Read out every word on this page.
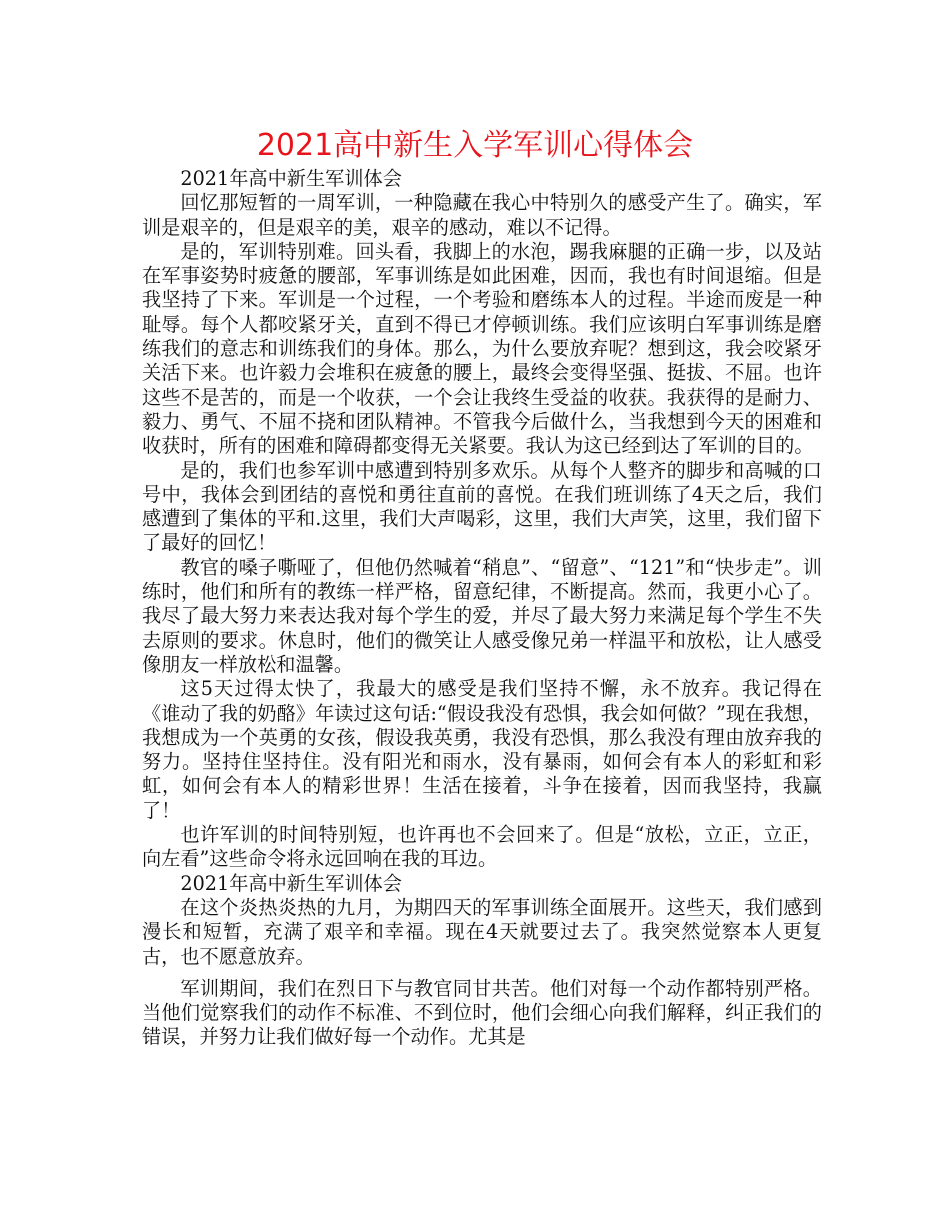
2021高中新生入学军训心得体会

2021年高中新生军训体会

回忆那短暂的一周军训，一种隐藏在我心中特别久的感受产生了。确实，军训是艰辛的，但是艰辛的美，艰辛的感动，难以不记得。

是的，军训特别难。回头看，我脚上的水泡，踢我麻腿的正确一步，以及站在军事姿势时疲惫的腰部，军事训练是如此困难，因而，我也有时间退缩。但是我坚持了下来。军训是一个过程，一个考验和磨练本人的过程。半途而废是一种耻辱。每个人都咬紧牙关，直到不得已才停顿训练。我们应该明白军事训练是磨练我们的意志和训练我们的身体。那么，为什么要放弃呢？想到这，我会咬紧牙关活下来。也许毅力会堆积在疲惫的腰上，最终会变得坚强、挺拔、不屈。也许这些不是苦的，而是一个收获，一个会让我终生受益的收获。我获得的是耐力、毅力、勇气、不屈不挠和团队精神。不管我今后做什么，当我想到今天的困难和收获时，所有的困难和障碍都变得无关紧要。我认为这已经到达了军训的目的。

是的，我们也参军训中感遭到特别多欢乐。从每个人整齐的脚步和高喊的口号中，我体会到团结的喜悦和勇往直前的喜悦。在我们班训练了4天之后，我们感遭到了集体的平和.这里，我们大声喝彩，这里，我们大声笑，这里，我们留下了最好的回忆！

教官的嗓子嘶哑了，但他仍然喊着“稍息”、“留意”、“121”和“快步走”。训练时，他们和所有的教练一样严格，留意纪律，不断提高。然而，我更小心了。我尽了最大努力来表达我对每个学生的爱，并尽了最大努力来满足每个学生不失去原则的要求。休息时，他们的微笑让人感受像兄弟一样温平和放松，让人感受像朋友一样放松和温馨。

这5天过得太快了，我最大的感受是我们坚持不懈，永不放弃。我记得在《谁动了我的奶酪》年读过这句话:“假设我没有恐惧，我会如何做？”现在我想，我想成为一个英勇的女孩，假设我英勇，我没有恐惧，那么我没有理由放弃我的努力。坚持住坚持住。没有阳光和雨水，没有暴雨，如何会有本人的彩虹和彩虹，如何会有本人的精彩世界！生活在接着，斗争在接着，因而我坚持，我赢了！

也许军训的时间特别短，也许再也不会回来了。但是“放松，立正，立正，向左看”这些命令将永远回响在我的耳边。

2021年高中新生军训体会

在这个炎热炎热的九月，为期四天的军事训练全面展开。这些天，我们感到漫长和短暂，充满了艰辛和幸福。现在4天就要过去了。我突然觉察本人更复古，也不愿意放弃。

军训期间，我们在烈日下与教官同甘共苦。他们对每一个动作都特别严格。当他们觉察我们的动作不标准、不到位时，他们会细心向我们解释，纠正我们的错误，并努力让我们做好每一个动作。尤其是
